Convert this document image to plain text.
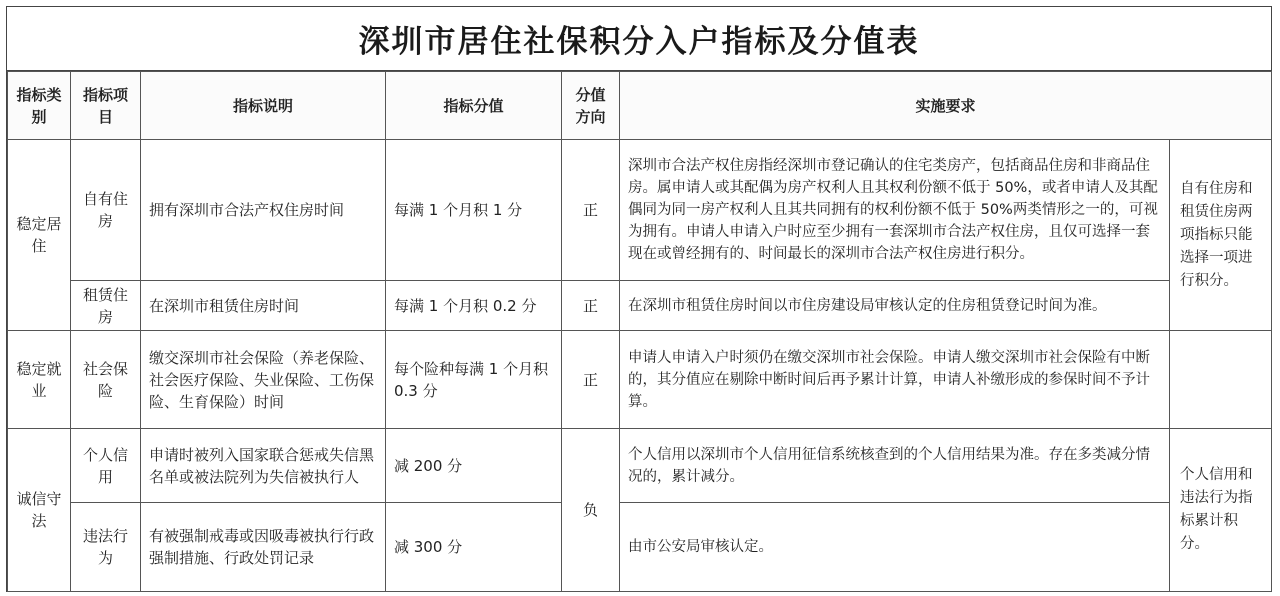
深圳市居住社保积分入户指标及分值表
指标类别	指标项目	指标说明	指标分值	分值方向	实施要求	
稳定居住	自有住房	拥有深圳市合法产权住房时间	每满 1 个月积 1 分	正	深圳市合法产权住房指经深圳市登记确认的住宅类房产，包括商品住房和非商品住房。属申请人或其配偶为房产权利人且其权利份额不低于 50%，或者申请人及其配偶同为同一房产权利人且其共同拥有的权利份额不低于 50%两类情形之一的，可视为拥有。申请人申请入户时应至少拥有一套深圳市合法产权住房，且仅可选择一套现在或曾经拥有的、时间最长的深圳市合法产权住房进行积分。	自有住房和租赁住房两项指标只能选择一项进行积分。
	租赁住房	在深圳市租赁住房时间	每满 1 个月积 0.2 分	正	在深圳市租赁住房时间以市住房建设局审核认定的住房租赁登记时间为准。	
稳定就业	社会保险	缴交深圳市社会保险（养老保险、社会医疗保险、失业保险、工伤保险、生育保险）时间	每个险种每满 1 个月积 0.3 分	正	申请人申请入户时须仍在缴交深圳市社会保险。申请人缴交深圳市社会保险有中断的，其分值应在剔除中断时间后再予累计计算，申请人补缴形成的参保时间不予计算。	
诚信守法	个人信用	申请时被列入国家联合惩戒失信黑名单或被法院列为失信被执行人	减 200 分	负	个人信用以深圳市个人信用征信系统核查到的个人信用结果为准。存在多类减分情况的，累计减分。	个人信用和违法行为指标累计积分。
	违法行为	有被强制戒毒或因吸毒被执行行政强制措施、行政处罚记录	减 300 分		由市公安局审核认定。	
